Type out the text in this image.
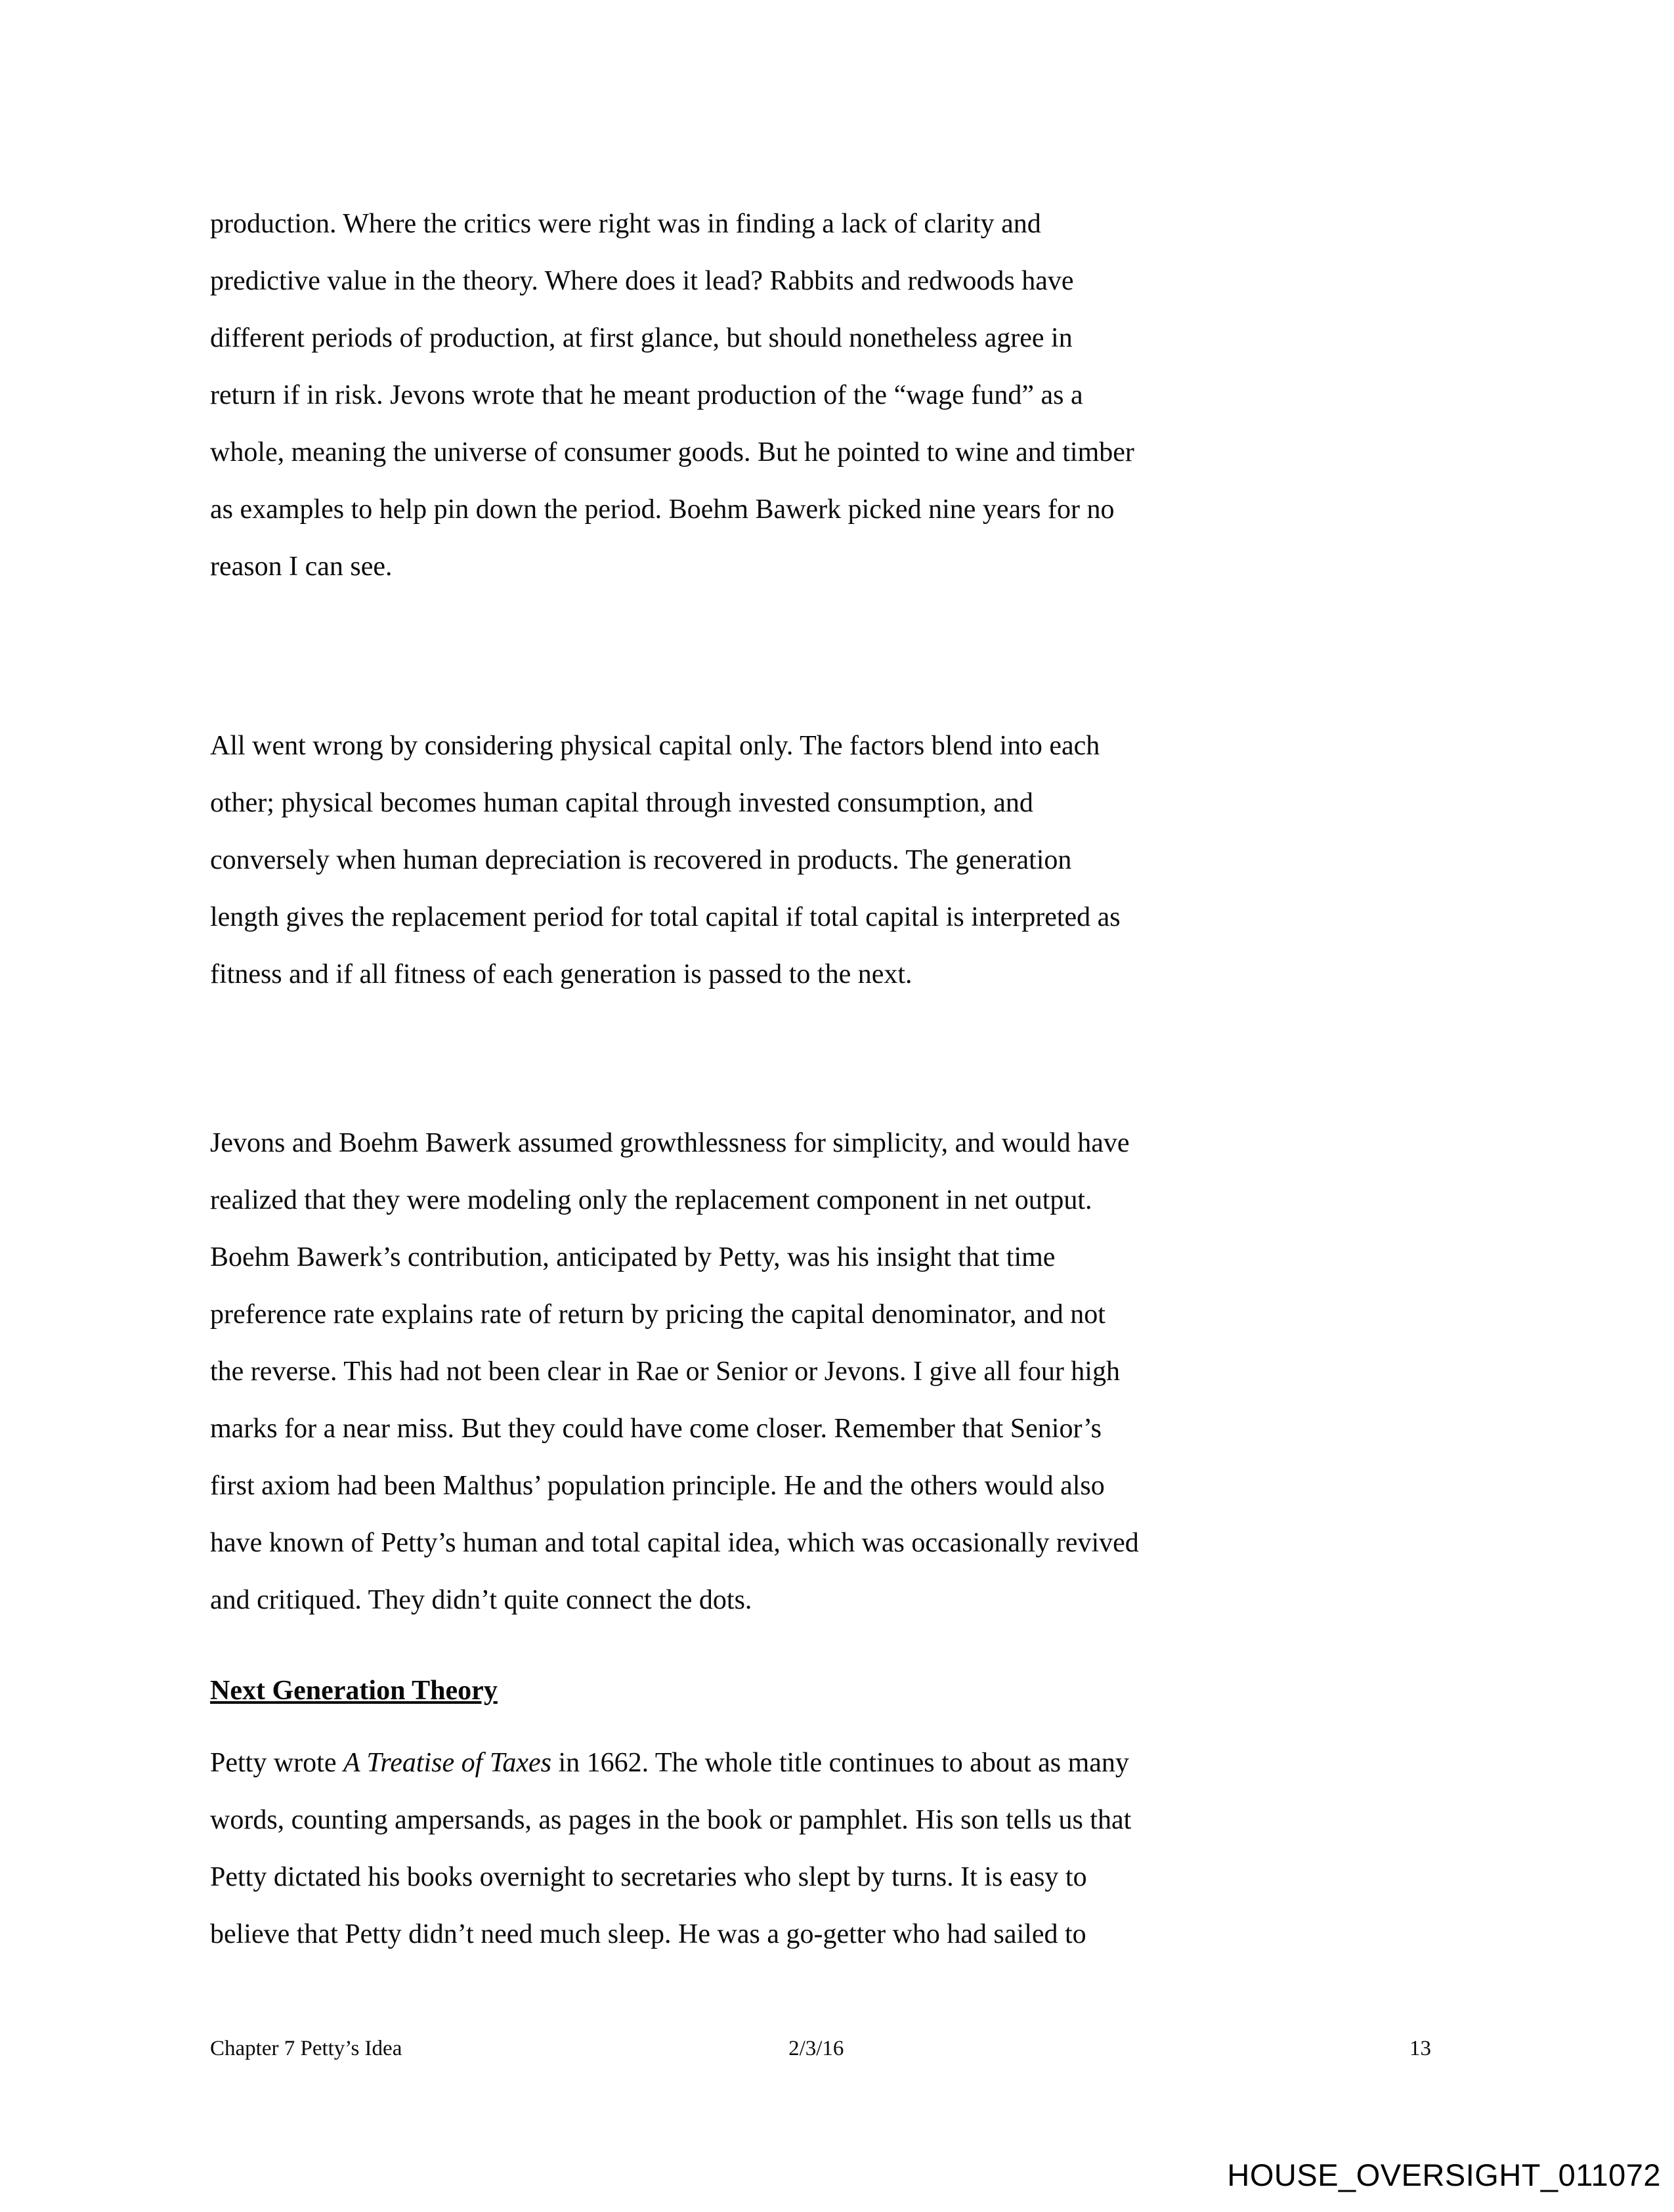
production. Where the critics were right was in finding a lack of clarity and
predictive value in the theory. Where does it lead? Rabbits and redwoods have
different periods of production, at first glance, but should nonetheless agree in
return if in risk. Jevons wrote that he meant production of the “wage fund” as a
whole, meaning the universe of consumer goods. But he pointed to wine and timber
as examples to help pin down the period. Boehm Bawerk picked nine years for no
reason I can see.
All went wrong by considering physical capital only. The factors blend into each
other; physical becomes human capital through invested consumption, and
conversely when human depreciation is recovered in products. The generation
length gives the replacement period for total capital if total capital is interpreted as
fitness and if all fitness of each generation is passed to the next.
Jevons and Boehm Bawerk assumed growthlessness for simplicity, and would have
realized that they were modeling only the replacement component in net output.
Boehm Bawerk’s contribution, anticipated by Petty, was his insight that time
preference rate explains rate of return by pricing the capital denominator, and not
the reverse. This had not been clear in Rae or Senior or Jevons. I give all four high
marks for a near miss. But they could have come closer. Remember that Senior’s
first axiom had been Malthus’ population principle. He and the others would also
have known of Petty’s human and total capital idea, which was occasionally revived
and critiqued. They didn’t quite connect the dots.
Next Generation Theory
Petty wrote A Treatise of Taxes in 1662. The whole title continues to about as many
words, counting ampersands, as pages in the book or pamphlet. His son tells us that
Petty dictated his books overnight to secretaries who slept by turns. It is easy to
believe that Petty didn’t need much sleep. He was a go-getter who had sailed to
Chapter 7 Petty’s Idea	2/3/16	13
HOUSE_OVERSIGHT_011072
